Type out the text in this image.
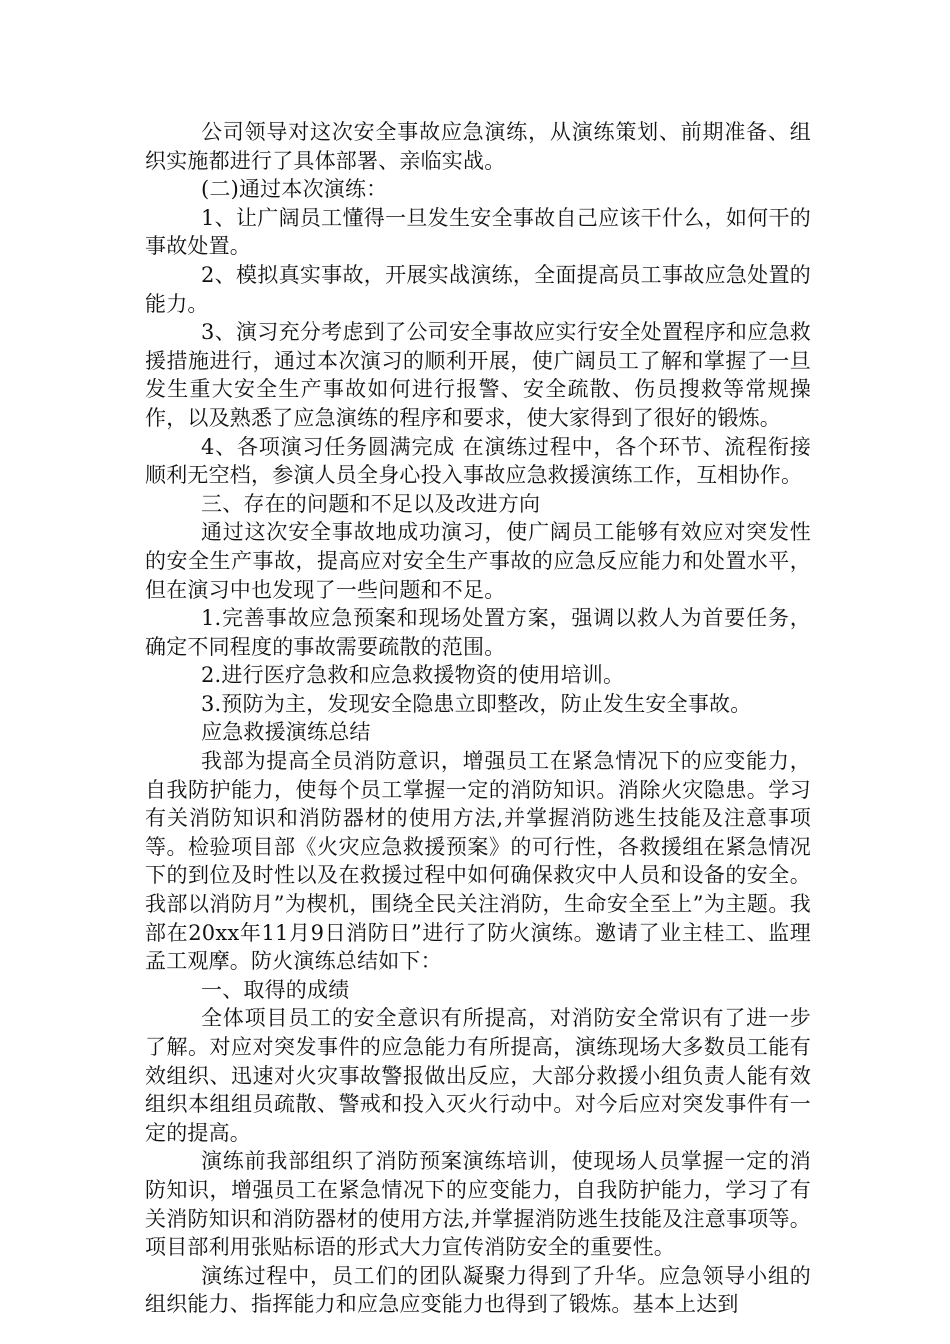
公司领导对这次安全事故应急演练，从演练策划、前期准备、组织实施都进行了具体部署、亲临实战。

(二)通过本次演练：

1、让广阔员工懂得一旦发生安全事故自己应该干什么，如何干的事故处置。

2、模拟真实事故，开展实战演练，全面提高员工事故应急处置的能力。

3、演习充分考虑到了公司安全事故应实行安全处置程序和应急救援措施进行，通过本次演习的顺利开展，使广阔员工了解和掌握了一旦发生重大安全生产事故如何进行报警、安全疏散、伤员搜救等常规操作，以及熟悉了应急演练的程序和要求，使大家得到了很好的锻炼。

4、各项演习任务圆满完成 在演练过程中，各个环节、流程衔接顺利无空档，参演人员全身心投入事故应急救援演练工作，互相协作。

三、存在的问题和不足以及改进方向

通过这次安全事故地成功演习，使广阔员工能够有效应对突发性的安全生产事故，提高应对安全生产事故的应急反应能力和处置水平，但在演习中也发现了一些问题和不足。

1.完善事故应急预案和现场处置方案，强调以救人为首要任务，确定不同程度的事故需要疏散的范围。

2.进行医疗急救和应急救援物资的使用培训。

3.预防为主，发现安全隐患立即整改，防止发生安全事故。

应急救援演练总结

我部为提高全员消防意识，增强员工在紧急情况下的应变能力，自我防护能力，使每个员工掌握一定的消防知识。消除火灾隐患。学习有关消防知识和消防器材的使用方法,并掌握消防逃生技能及注意事项等。检验项目部《火灾应急救援预案》的可行性，各救援组在紧急情况下的到位及时性以及在救援过程中如何确保救灾中人员和设备的安全。我部以消防月”为楔机，围绕全民关注消防，生命安全至上”为主题。我部在20xx年11月9日消防日”进行了防火演练。邀请了业主桂工、监理孟工观摩。防火演练总结如下：

一、取得的成绩

全体项目员工的安全意识有所提高，对消防安全常识有了进一步了解。对应对突发事件的应急能力有所提高，演练现场大多数员工能有效组织、迅速对火灾事故警报做出反应，大部分救援小组负责人能有效组织本组组员疏散、警戒和投入灭火行动中。对今后应对突发事件有一定的提高。

演练前我部组织了消防预案演练培训，使现场人员掌握一定的消防知识，增强员工在紧急情况下的应变能力，自我防护能力，学习了有关消防知识和消防器材的使用方法,并掌握消防逃生技能及注意事项等。项目部利用张贴标语的形式大力宣传消防安全的重要性。

演练过程中，员工们的团队凝聚力得到了升华。应急领导小组的组织能力、指挥能力和应急应变能力也得到了锻炼。基本上达到
